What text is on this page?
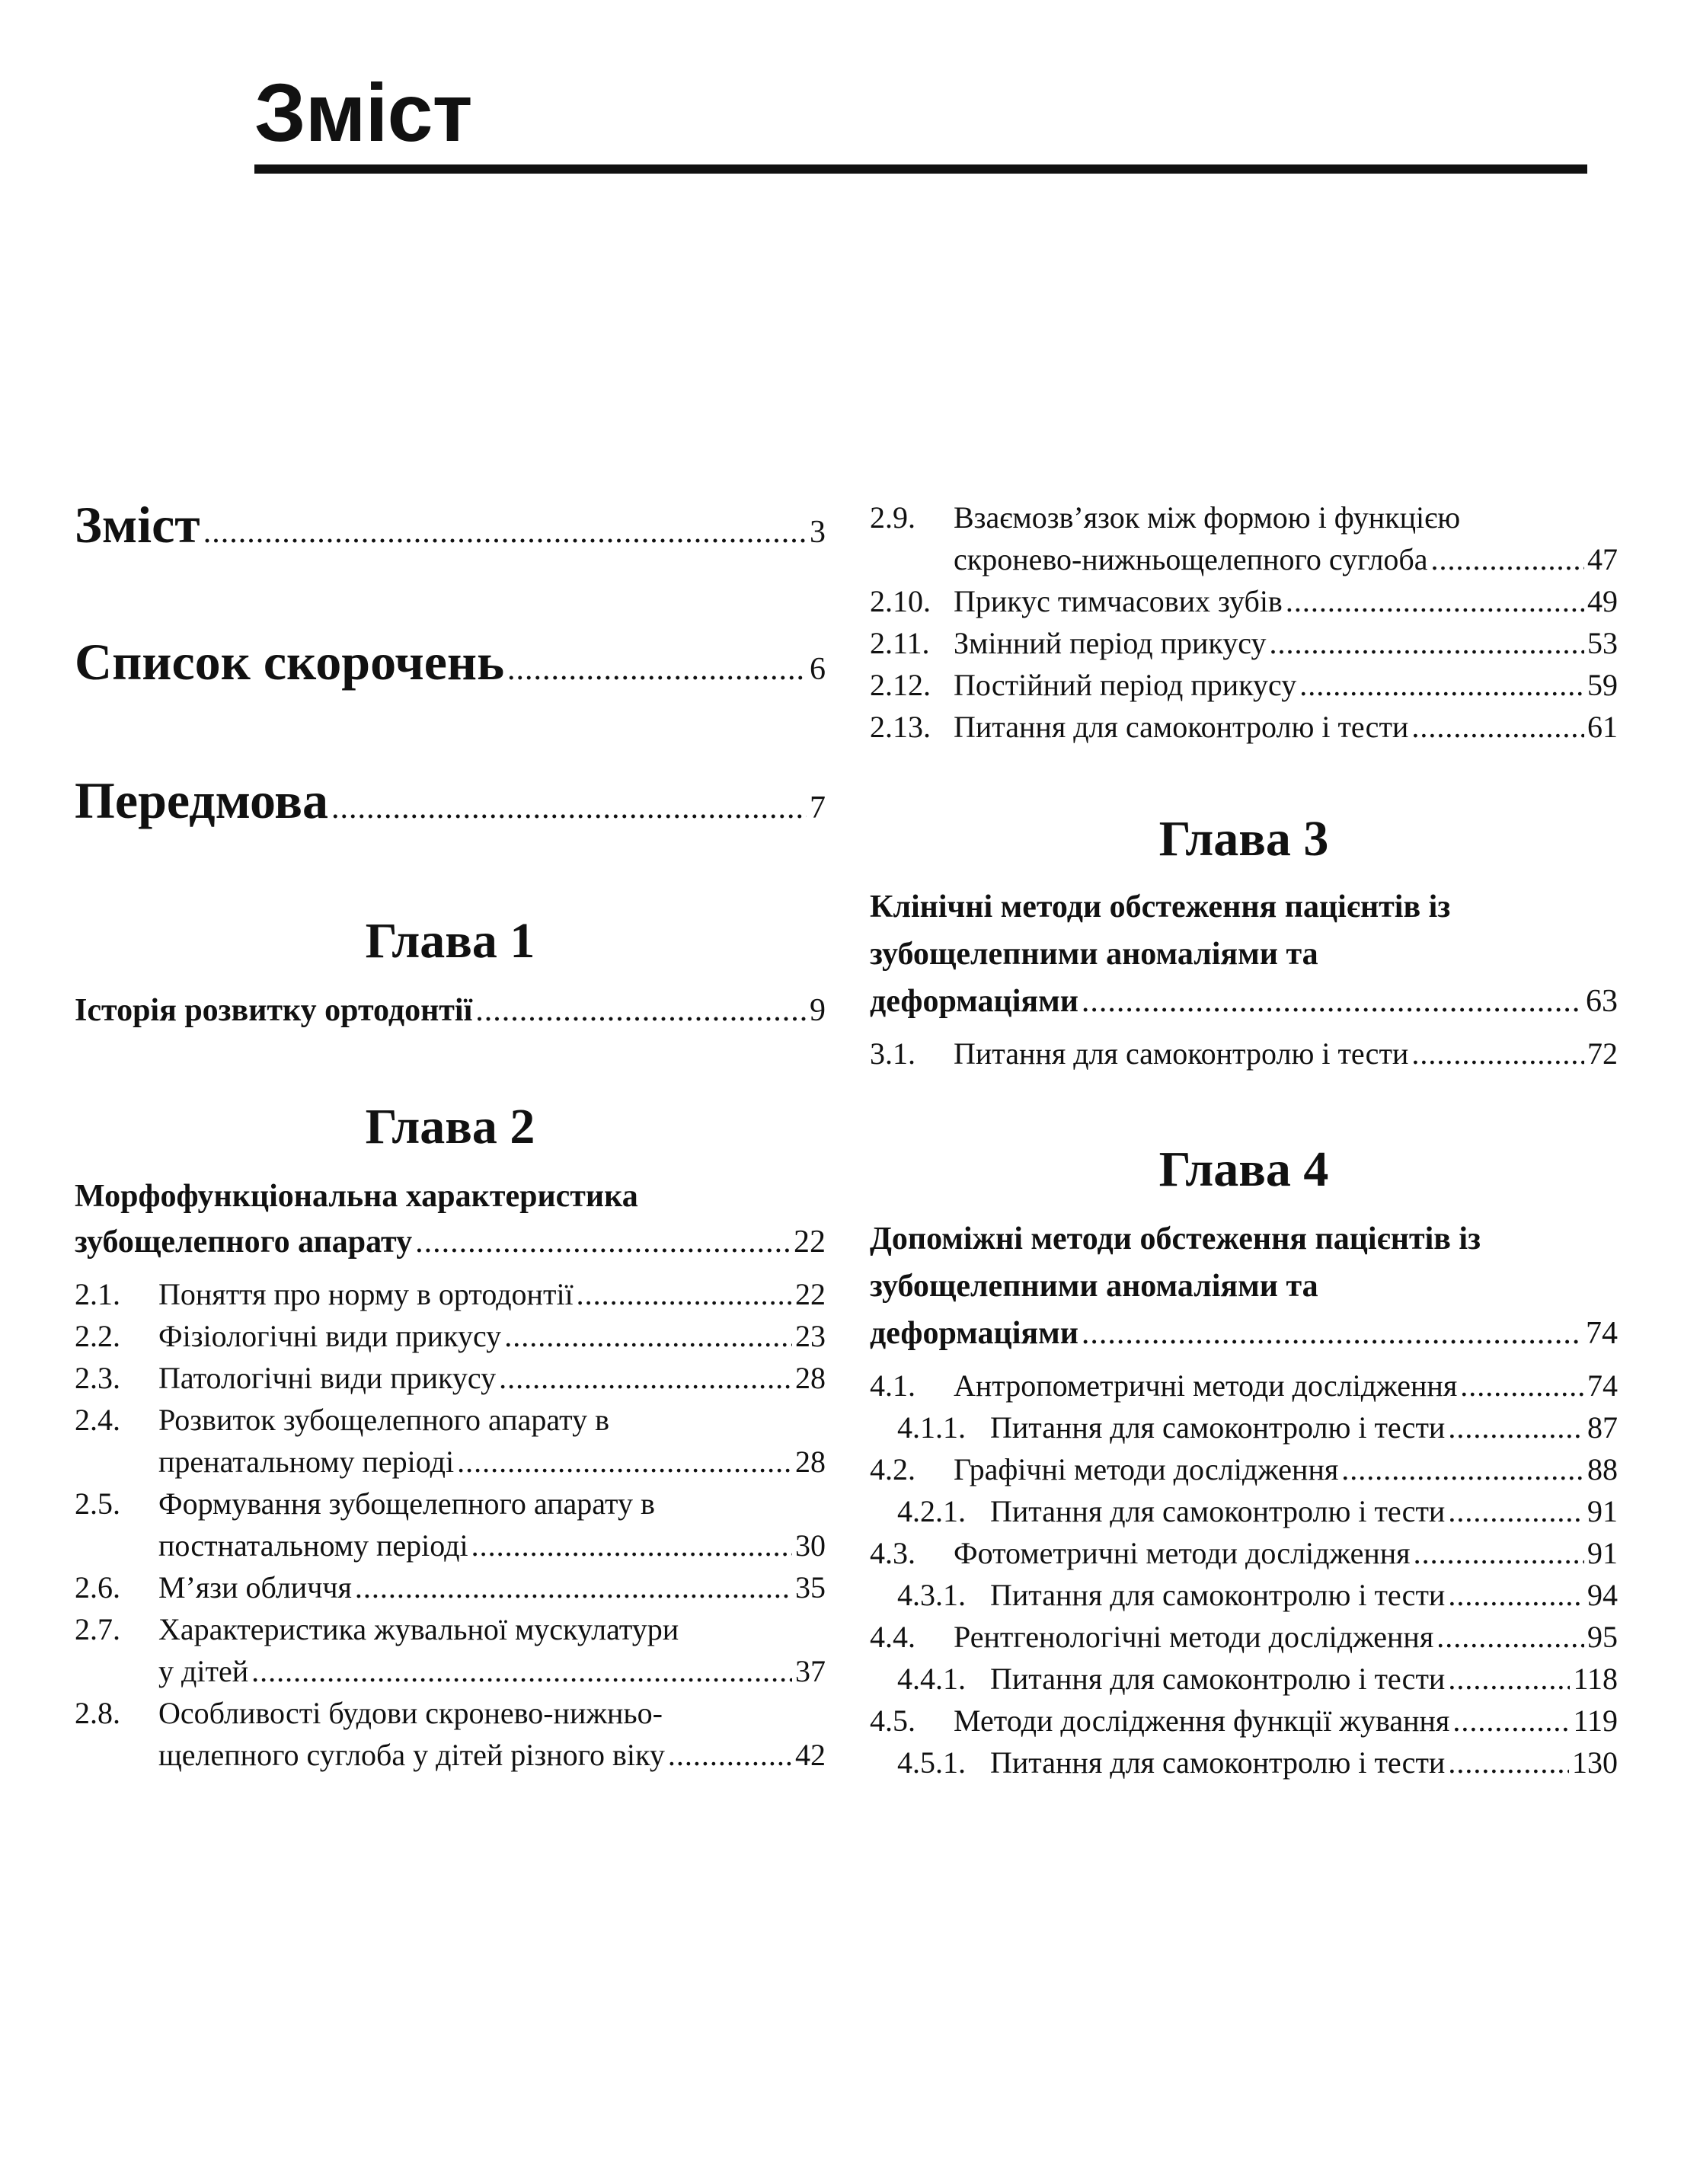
Зміст
Зміст .....	3
Список скорочень .....	6
Передмова .....	7
Глава 1
Історія розвитку ортодонтії .....	9
Глава 2
Морфофункціональна характеристика
зубощелепного апарату .....	22
2.1.	Поняття про норму в ортодонтії .....	22
2.2.	Фізіологічні види прикусу .....	23
2.3.	Патологічні види прикусу .....	28
2.4. Розвиток зубощелепного апарату в
пренатальному періоді .....	28
2.5. Формування зубощелепного апарату в
постнатальному періоді .....	30
2.6.	М’язи обличчя .....	35
2.7. Характеристика жувальної мускулатури
у дітей .....	37
2.8. Особливості будови скронево-нижньо-
щелепного суглоба у дітей різного віку .....	42
2.9. Взаємозв’язок між формою і функцією
скронево-нижньощелепного суглоба .....	47
2.10. Прикус тимчасових зубів .....	49
2.11. Змінний період прикусу .....	53
2.12. Постійний період прикусу .....	59
2.13. Питання для самоконтролю і тести .....	61
Глава 3
Клінічні методи обстеження пацієнтів із
зубощелепними аномаліями та
деформаціями .....	63
3.1.	Питання для самоконтролю і тести .....	72
Глава 4
Допоміжні методи обстеження пацієнтів із
зубощелепними аномаліями та
деформаціями .....	74
4.1.	Антропометричні методи дослідження .....	74
4.1.1. Питання для самоконтролю і тести .....	87
4.2.	Графічні методи дослідження .....	88
4.2.1. Питання для самоконтролю і тести .....	91
4.3.	Фотометричні методи дослідження .....	91
4.3.1. Питання для самоконтролю і тести .....	94
4.4.	Рентгенологічні методи дослідження .....	95
4.4.1. Питання для самоконтролю і тести .....	118
4.5.	Методи дослідження функції жування .....	119
4.5.1. Питання для самоконтролю і тести .....	130
